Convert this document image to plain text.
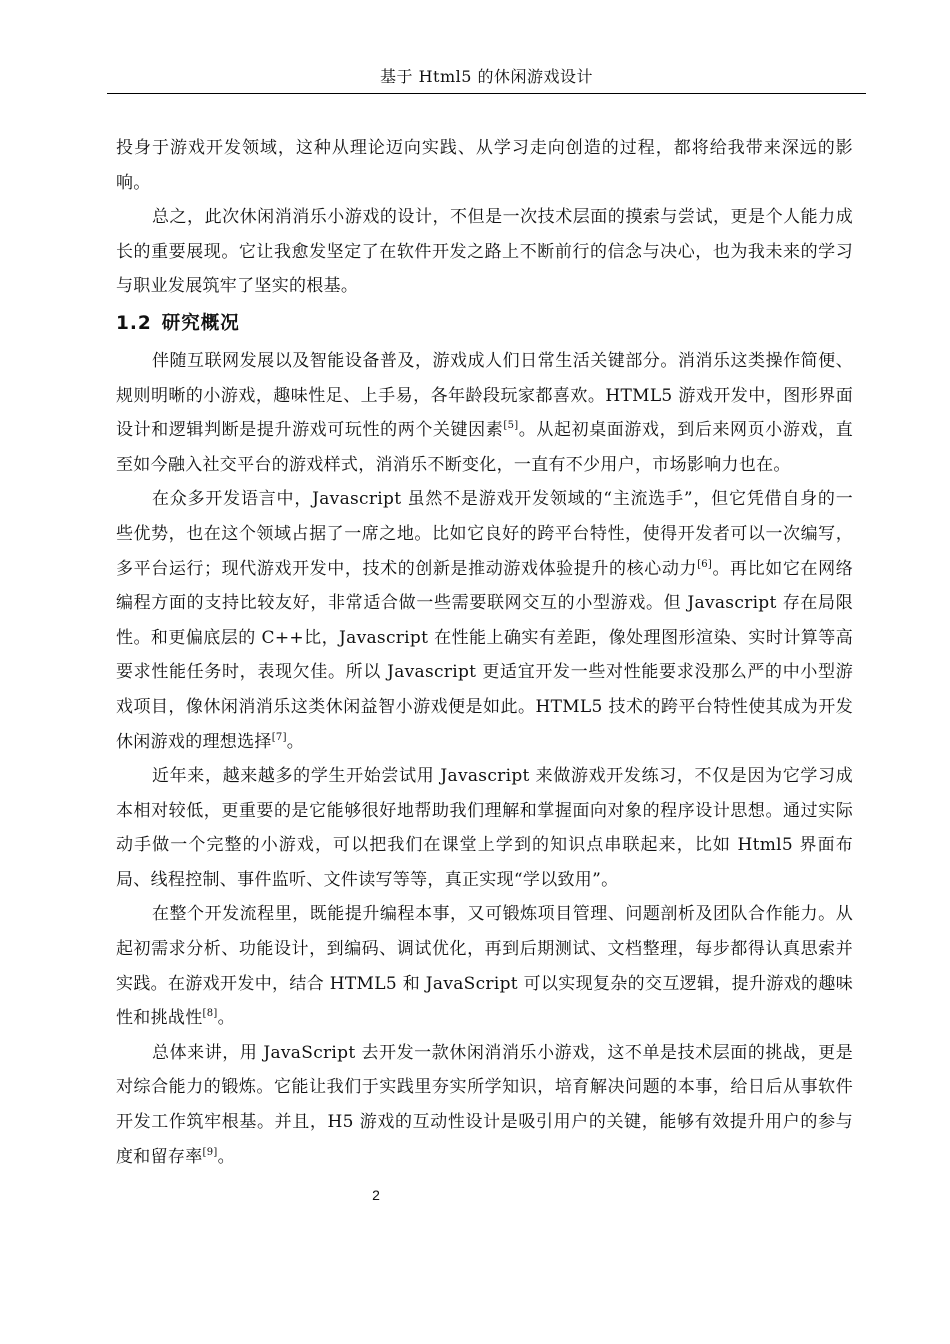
基于 Html5 的休闲游戏设计

投身于游戏开发领域，这种从理论迈向实践、从学习走向创造的过程，都将给我带来深远的影响。

总之，此次休闲消消乐小游戏的设计，不但是一次技术层面的摸索与尝试，更是个人能力成长的重要展现。它让我愈发坚定了在软件开发之路上不断前行的信念与决心，也为我未来的学习与职业发展筑牢了坚实的根基。

1.2 研究概况

伴随互联网发展以及智能设备普及，游戏成人们日常生活关键部分。消消乐这类操作简便、规则明晰的小游戏，趣味性足、上手易，各年龄段玩家都喜欢。HTML5 游戏开发中，图形界面设计和逻辑判断是提升游戏可玩性的两个关键因素[5]。从起初桌面游戏，到后来网页小游戏，直至如今融入社交平台的游戏样式，消消乐不断变化，一直有不少用户，市场影响力也在。

在众多开发语言中，Javascript 虽然不是游戏开发领域的“主流选手”，但它凭借自身的一些优势，也在这个领域占据了一席之地。比如它良好的跨平台特性，使得开发者可以一次编写，多平台运行；现代游戏开发中，技术的创新是推动游戏体验提升的核心动力[6]。再比如它在网络编程方面的支持比较友好，非常适合做一些需要联网交互的小型游戏。但 Javascript 存在局限性。和更偏底层的 C++比，Javascript 在性能上确实有差距，像处理图形渲染、实时计算等高要求性能任务时，表现欠佳。所以 Javascript 更适宜开发一些对性能要求没那么严的中小型游戏项目，像休闲消消乐这类休闲益智小游戏便是如此。HTML5 技术的跨平台特性使其成为开发休闲游戏的理想选择[7]。

近年来，越来越多的学生开始尝试用 Javascript 来做游戏开发练习，不仅是因为它学习成本相对较低，更重要的是它能够很好地帮助我们理解和掌握面向对象的程序设计思想。通过实际动手做一个完整的小游戏，可以把我们在课堂上学到的知识点串联起来，比如 Html5 界面布局、线程控制、事件监听、文件读写等等，真正实现“学以致用”。

在整个开发流程里，既能提升编程本事，又可锻炼项目管理、问题剖析及团队合作能力。从起初需求分析、功能设计，到编码、调试优化，再到后期测试、文档整理，每步都得认真思索并实践。在游戏开发中，结合 HTML5 和 JavaScript 可以实现复杂的交互逻辑，提升游戏的趣味性和挑战性[8]。

总体来讲，用 JavaScript 去开发一款休闲消消乐小游戏，这不单是技术层面的挑战，更是对综合能力的锻炼。它能让我们于实践里夯实所学知识，培育解决问题的本事，给日后从事软件开发工作筑牢根基。并且，H5 游戏的互动性设计是吸引用户的关键，能够有效提升用户的参与度和留存率[9]。

2
